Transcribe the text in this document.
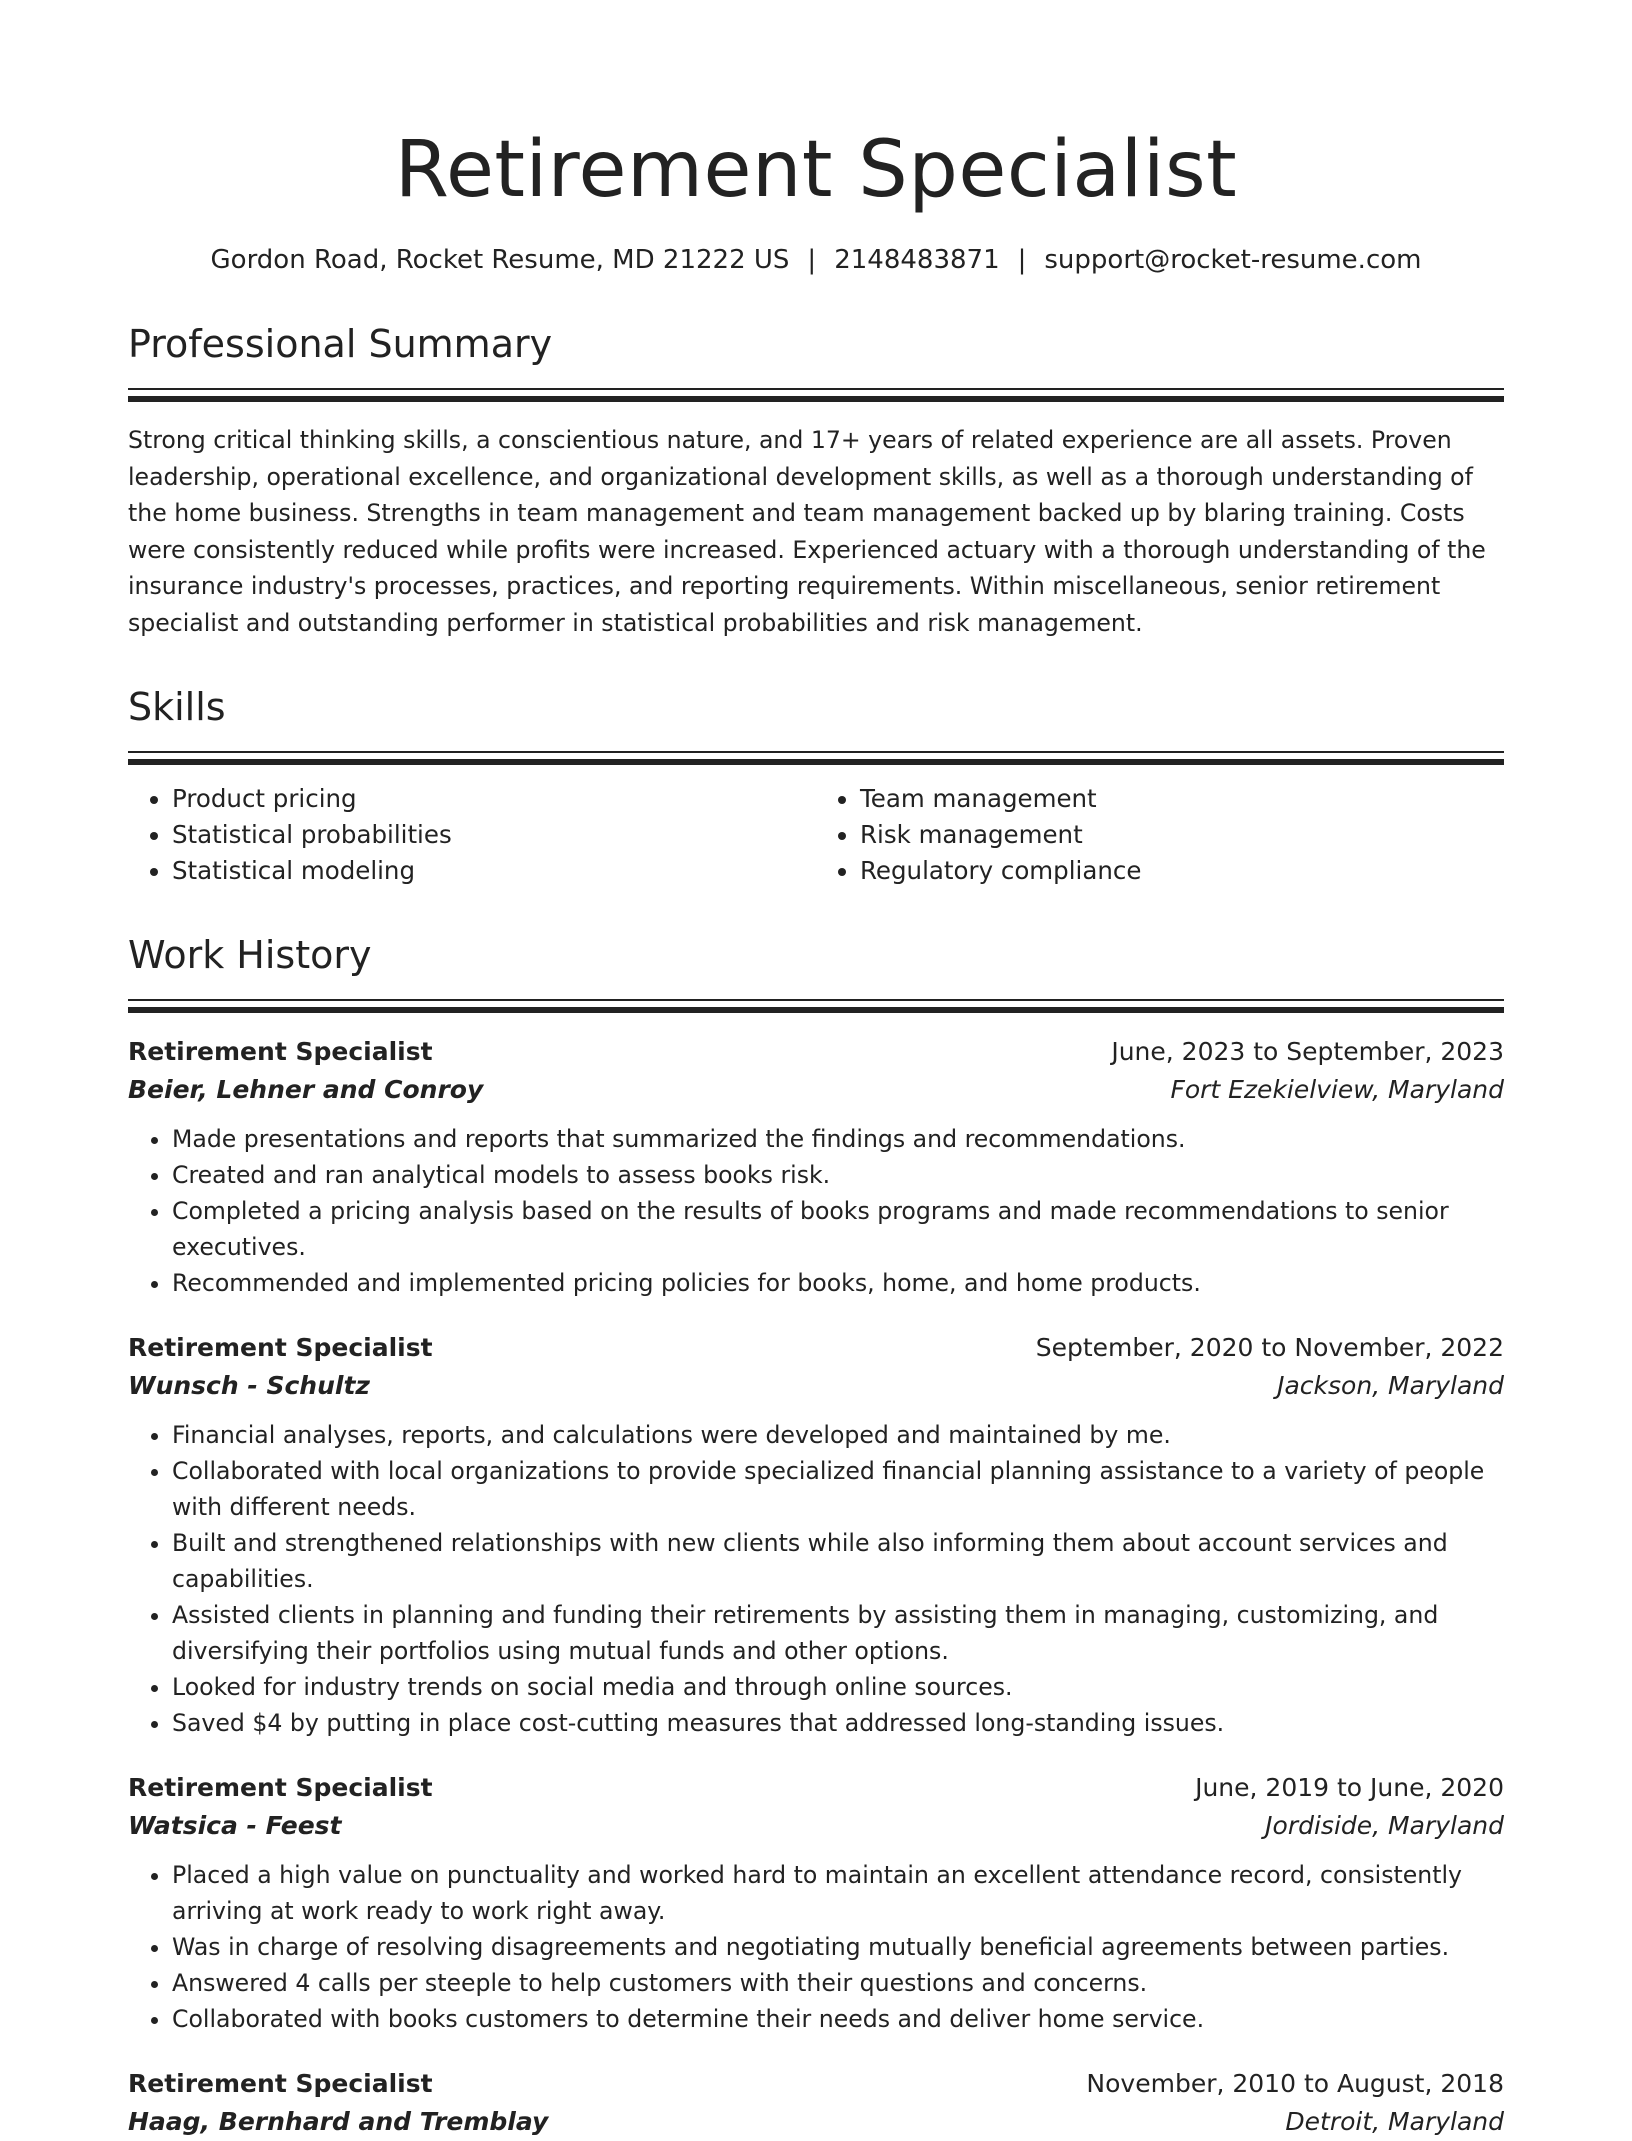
Retirement Specialist
Gordon Road, Rocket Resume, MD 21222 US | 2148483871 | support@rocket-resume.com
Professional Summary
Strong critical thinking skills, a conscientious nature, and 17+ years of related experience are all assets. Proven leadership, operational excellence, and organizational development skills, as well as a thorough understanding of the home business. Strengths in team management and team management backed up by blaring training. Costs were consistently reduced while profits were increased. Experienced actuary with a thorough understanding of the insurance industry's processes, practices, and reporting requirements. Within miscellaneous, senior retirement specialist and outstanding performer in statistical probabilities and risk management.
Skills
• Product pricing
• Statistical probabilities
• Statistical modeling
• Team management
• Risk management
• Regulatory compliance
Work History
Retirement Specialist	June, 2023 to September, 2023
Beier, Lehner and Conroy	Fort Ezekielview, Maryland
• Made presentations and reports that summarized the findings and recommendations.
• Created and ran analytical models to assess books risk.
• Completed a pricing analysis based on the results of books programs and made recommendations to senior executives.
• Recommended and implemented pricing policies for books, home, and home products.
Retirement Specialist	September, 2020 to November, 2022
Wunsch - Schultz	Jackson, Maryland
• Financial analyses, reports, and calculations were developed and maintained by me.
• Collaborated with local organizations to provide specialized financial planning assistance to a variety of people with different needs.
• Built and strengthened relationships with new clients while also informing them about account services and capabilities.
• Assisted clients in planning and funding their retirements by assisting them in managing, customizing, and diversifying their portfolios using mutual funds and other options.
• Looked for industry trends on social media and through online sources.
• Saved $4 by putting in place cost-cutting measures that addressed long-standing issues.
Retirement Specialist	June, 2019 to June, 2020
Watsica - Feest	Jordiside, Maryland
• Placed a high value on punctuality and worked hard to maintain an excellent attendance record, consistently arriving at work ready to work right away.
• Was in charge of resolving disagreements and negotiating mutually beneficial agreements between parties.
• Answered 4 calls per steeple to help customers with their questions and concerns.
• Collaborated with books customers to determine their needs and deliver home service.
Retirement Specialist	November, 2010 to August, 2018
Haag, Bernhard and Tremblay	Detroit, Maryland
